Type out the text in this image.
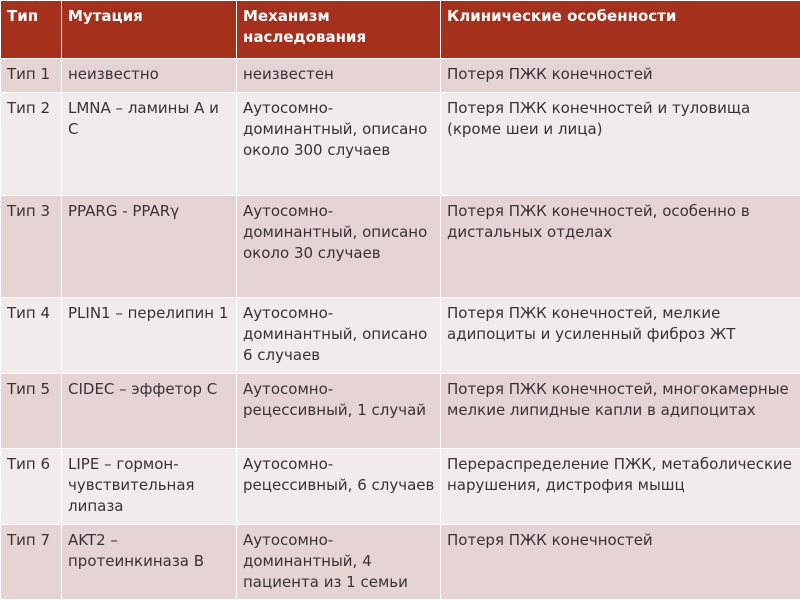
Тип	Мутация	Механизм наследования	Клинические особенности
Тип 1	неизвестно	неизвестен	Потеря ПЖК конечностей
Тип 2	LMNA – ламины A и C	Аутосомно-доминантный, описано около 300 случаев	Потеря ПЖК конечностей и туловища (кроме шеи и лица)
Тип 3	PPARG - PPARγ	Аутосомно-доминантный, описано около 30 случаев	Потеря ПЖК конечностей, особенно в дистальных отделах
Тип 4	PLIN1 – перелипин 1	Аутосомно-доминантный, описано 6 случаев	Потеря ПЖК конечностей, мелкие адипоциты и усиленный фиброз ЖТ
Тип 5	CIDEC – эффетор C	Аутосомно-рецессивный, 1 случай	Потеря ПЖК конечностей, многокамерные мелкие липидные капли в адипоцитах
Тип 6	LIPE – гормон-чувствительная липаза	Аутосомно-рецессивный, 6 случаев	Перераспределение ПЖК, метаболические нарушения, дистрофия мышц
Тип 7	AKT2 – протеинкиназа B	Аутосомно-доминантный, 4 пациента из 1 семьи	Потеря ПЖК конечностей
